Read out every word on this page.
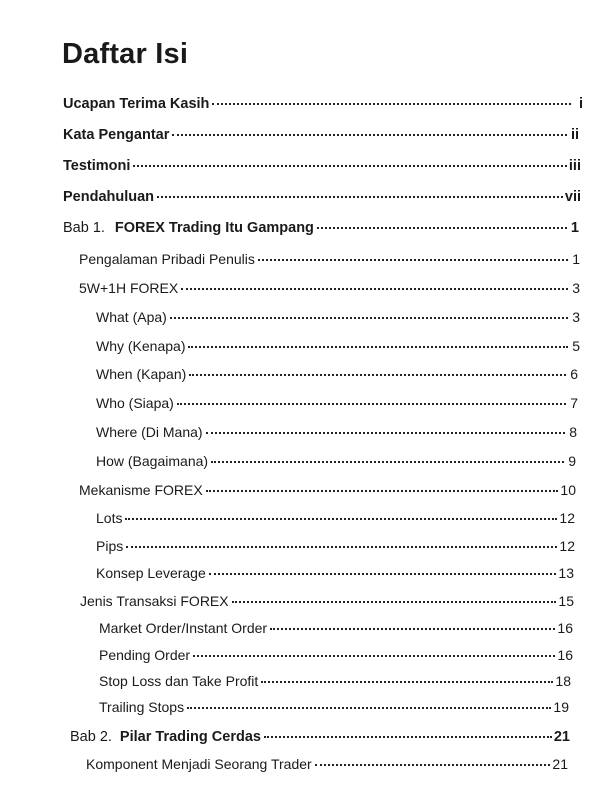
Daftar Isi
Ucapan Terima Kasih	i
Kata Pengantar	ii
Testimoni	iii
Pendahuluan	vii
Bab 1. FOREX Trading Itu Gampang	1
Pengalaman Pribadi Penulis	1
5W+1H FOREX	3
What (Apa)	3
Why (Kenapa)	5
When (Kapan)	6
Who (Siapa)	7
Where (Di Mana)	8
How (Bagaimana)	9
Mekanisme FOREX	10
Lots	12
Pips	12
Konsep Leverage	13
Jenis Transaksi FOREX	15
Market Order/Instant Order	16
Pending Order	16
Stop Loss dan Take Profit	18
Trailing Stops	19
Bab 2. Pilar Trading Cerdas	21
Komponent Menjadi Seorang Trader	21
